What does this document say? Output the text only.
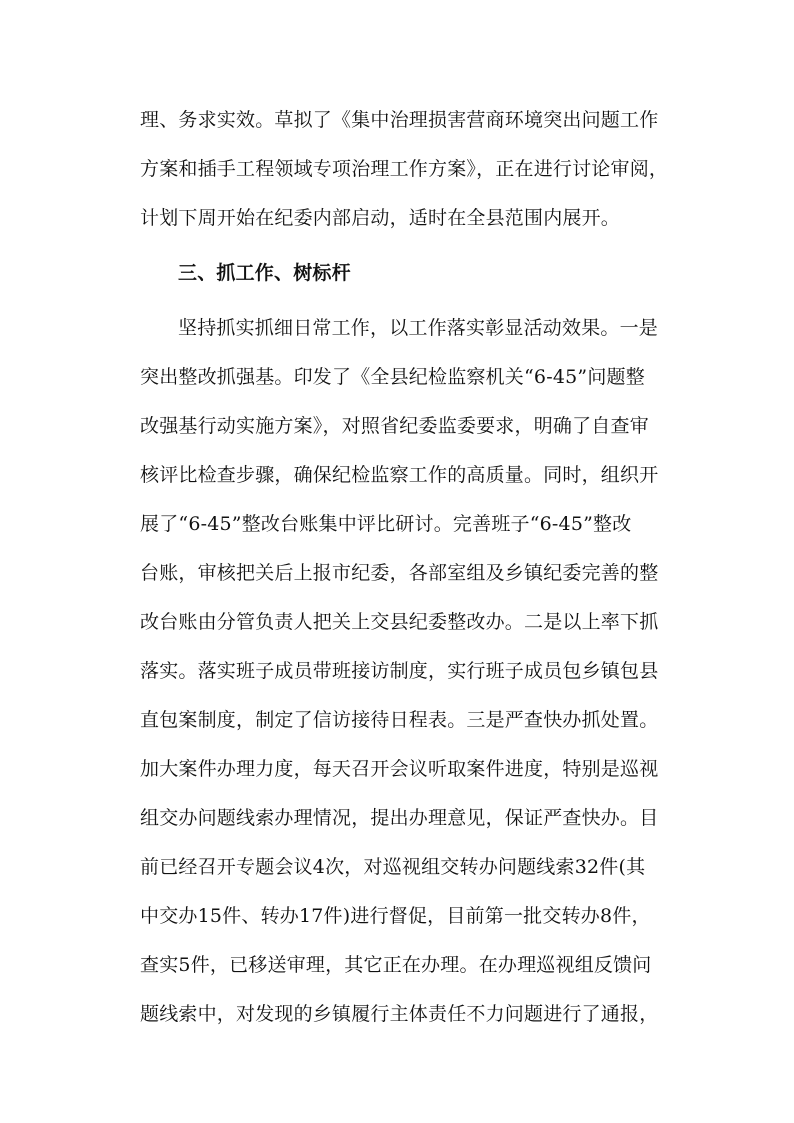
理、务求实效。草拟了《集中治理损害营商环境突出问题工作
方案和插手工程领域专项治理工作方案》，正在进行讨论审阅，
计划下周开始在纪委内部启动，适时在全县范围内展开。
三、抓工作、树标杆
坚持抓实抓细日常工作，以工作落实彰显活动效果。一是
突出整改抓强基。印发了《全县纪检监察机关“6-45”问题整
改强基行动实施方案》，对照省纪委监委要求，明确了自查审
核评比检查步骤，确保纪检监察工作的高质量。同时，组织开
展了“6-45”整改台账集中评比研讨。完善班子“6-45”整改
台账，审核把关后上报市纪委，各部室组及乡镇纪委完善的整
改台账由分管负责人把关上交县纪委整改办。二是以上率下抓
落实。落实班子成员带班接访制度，实行班子成员包乡镇包县
直包案制度，制定了信访接待日程表。三是严查快办抓处置。
加大案件办理力度，每天召开会议听取案件进度，特别是巡视
组交办问题线索办理情况，提出办理意见，保证严查快办。目
前已经召开专题会议4次，对巡视组交转办问题线索32件(其
中交办15件、转办17件)进行督促，目前第一批交转办8件，
查实5件，已移送审理，其它正在办理。在办理巡视组反馈问
题线索中，对发现的乡镇履行主体责任不力问题进行了通报，
